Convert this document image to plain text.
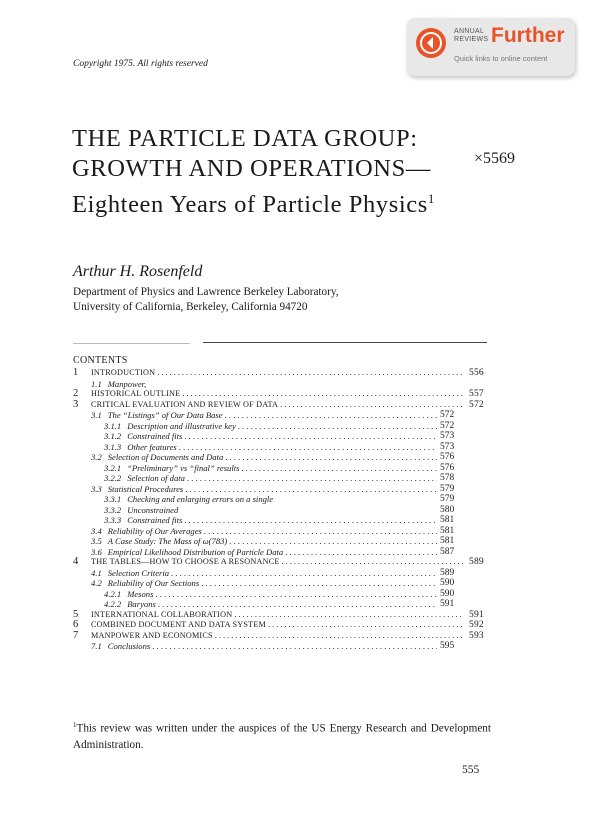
ANNUAL
REVIEWS Further
Quick links to online content
Copyright 1975. All rights reserved
THE PARTICLE DATA GROUP: GROWTH AND OPERATIONS—Eighteen Years of Particle Physics$^1$
×5569
Arthur H. Rosenfeld
Department of Physics and Lawrence Berkeley Laboratory,
University of California, Berkeley, California 94720
CONTENTS
1 INTRODUCTION . . .	556
1.1 Manpower,
2 HISTORICAL OUTLINE . . .	557
3 CRITICAL EVALUATION AND REVIEW OF DATA . . .	572
3.1 The “Listings” of Our Data Base . . .	572
3.1.1 Description and illustrative key . . .	572
3.1.2 Constrained fits . . .	573
3.1.3 Other features . . .	573
3.2 Selection of Documents and Data . . .	576
3.2.1 “Preliminary” vs “final” results . . .	576
3.2.2 Selection of data . . .	578
3.3 Statistical Procedures . . .	579
3.3.1 Checking and enlarging errors on a single	579
3.3.2 Unconstrained	580
3.3.3 Constrained fits . . .	581
3.4 Reliability of Our Averages . . .	581
3.5 A Case Study: The Mass of ω(783) . . .	581
3.6 Empirical Likelihood Distribution of Particle Data . . .	587
4 THE TABLES—HOW TO CHOOSE A RESONANCE . . .	589
4.1 Selection Criteria . . .	589
4.2 Reliability of Our Sections . . .	590
4.2.1 Mesons . . .	590
4.2.2 Baryons . . .	591
5 INTERNATIONAL COLLABORATION . . .	591
6 COMBINED DOCUMENT AND DATA SYSTEM . . .	592
7 MANPOWER AND ECONOMICS . . .	593
7.1 Conclusions . . .	595
$^1$This review was written under the auspices of the US Energy Research and Development Administration.
555
